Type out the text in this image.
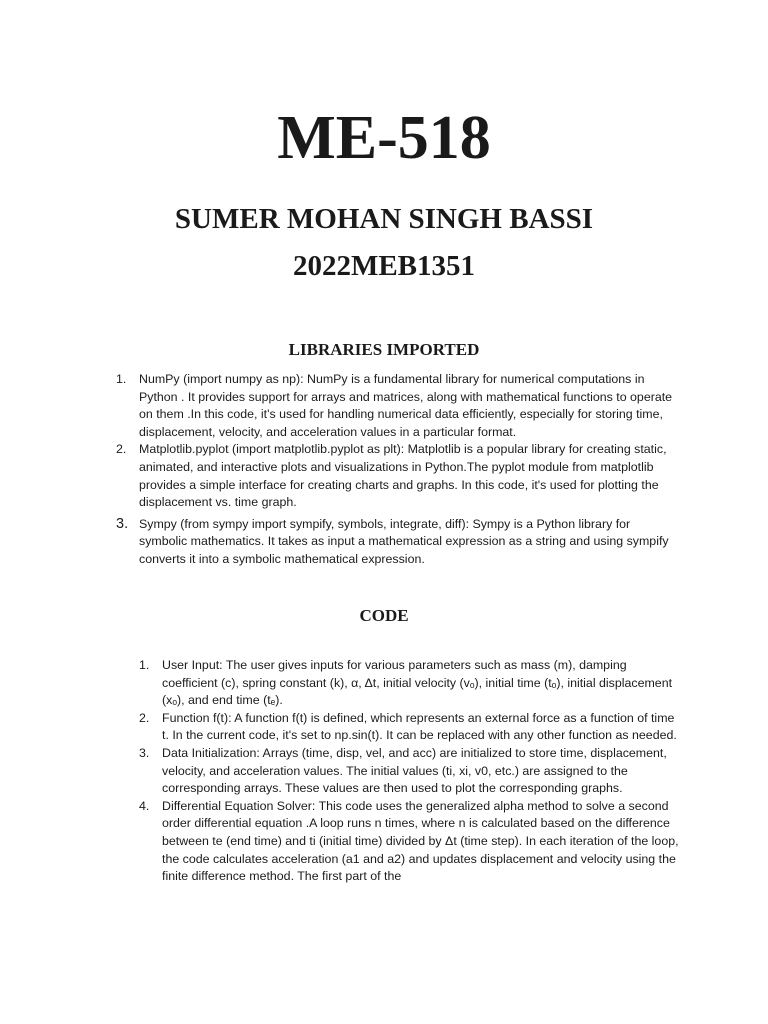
ME-518
SUMER MOHAN SINGH BASSI
2022MEB1351
LIBRARIES IMPORTED
1. NumPy (import numpy as np): NumPy is a fundamental library for numerical computations in Python . It provides support for arrays and matrices, along with mathematical functions to operate on them .In this code, it's used for handling numerical data efficiently, especially for storing time, displacement, velocity, and acceleration values in a particular format.
2. Matplotlib.pyplot (import matplotlib.pyplot as plt): Matplotlib is a popular library for creating static, animated, and interactive plots and visualizations in Python.The pyplot module from matplotlib provides a simple interface for creating charts and graphs. In this code, it's used for plotting the displacement vs. time graph.
3. Sympy (from sympy import sympify, symbols, integrate, diff): Sympy is a Python library for symbolic mathematics. It takes as input a mathematical expression as a string and using sympify converts it into a symbolic mathematical expression.
CODE
1. User Input: The user gives inputs for various parameters such as mass (m), damping coefficient (c), spring constant (k), α, Δt, initial velocity (vₒ), initial time (tₒ), initial displacement (xₒ), and end time (tₑ).
2. Function f(t): A function f(t) is defined, which represents an external force as a function of time t. In the current code, it's set to np.sin(t). It can be replaced with any other function as needed.
3. Data Initialization: Arrays (time, disp, vel, and acc) are initialized to store time, displacement, velocity, and acceleration values. The initial values (ti, xi, v0, etc.) are assigned to the corresponding arrays. These values are then used to plot the corresponding graphs.
4. Differential Equation Solver: This code uses the generalized alpha method to solve a second order differential equation .A loop runs n times, where n is calculated based on the difference between te (end time) and ti (initial time) divided by Δt (time step). In each iteration of the loop, the code calculates acceleration (a1 and a2) and updates displacement and velocity using the finite difference method. The first part of the
